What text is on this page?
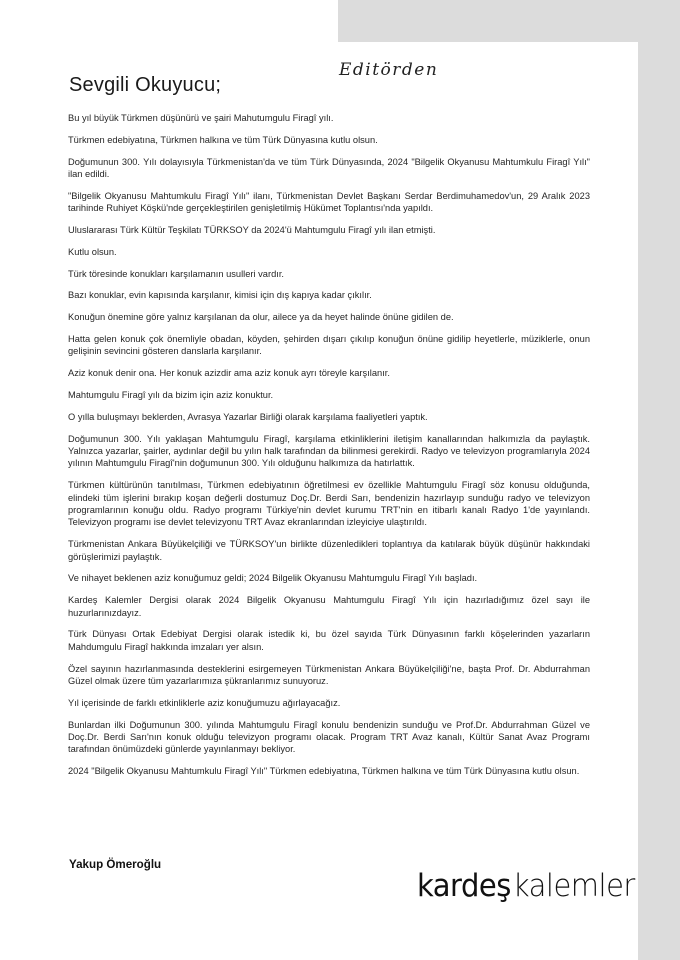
Editörden
Sevgili Okuyucu;

Bu yıl büyük Türkmen düşünürü ve şairi Mahutumgulu Firagî yılı.

Türkmen edebiyatına, Türkmen halkına ve tüm Türk Dünyasına kutlu olsun.

Doğumunun 300. Yılı dolayısıyla Türkmenistan'da ve tüm Türk Dünyasında, 2024 "Bilgelik Okyanusu Mahtumkulu Firagî Yılı" ilan edildi.

"Bilgelik Okyanusu Mahtumkulu Firagî Yılı" ilanı, Türkmenistan Devlet Başkanı Serdar Berdimuhamedov'un, 29 Aralık 2023 tarihinde Ruhiyet Köşkü'nde gerçekleştirilen genişletilmiş Hükümet Toplantısı'nda yapıldı.

Uluslararası Türk Kültür Teşkilatı TÜRKSOY da 2024'ü Mahtumgulu Firagî yılı ilan etmişti.

Kutlu olsun.

Türk töresinde konukları karşılamanın usulleri vardır.

Bazı konuklar, evin kapısında karşılanır, kimisi için dış kapıya kadar çıkılır.

Konuğun önemine göre yalnız karşılanan da olur, ailece ya da heyet halinde önüne gidilen de.

Hatta gelen konuk çok önemliyle obadan, köyden, şehirden dışarı çıkılıp konuğun önüne gidilip heyetlerle, müziklerle, onun gelişinin sevincini gösteren danslarla karşılanır.

Aziz konuk denir ona. Her konuk azizdir ama aziz konuk ayrı töreyle karşılanır.

Mahtumgulu Firagî yılı da bizim için aziz konuktur.

O yılla buluşmayı beklerden, Avrasya Yazarlar Birliği olarak karşılama faaliyetleri yaptık.

Doğumunun 300. Yılı yaklaşan Mahtumgulu Firagî, karşılama etkinliklerini iletişim kanallarından halkımızla da paylaştık. Yalnızca yazarlar, şairler, aydınlar değil bu yılın halk tarafından da bilinmesi gerekirdi. Radyo ve televizyon programlarıyla 2024 yılının Mahtumgulu Firagî'nin doğumunun 300. Yılı olduğunu halkımıza da hatırlattık.

Türkmen kültürünün tanıtılması, Türkmen edebiyatının öğretilmesi ev özellikle Mahtumgulu Firagî söz konusu olduğunda, elindeki tüm işlerini bırakıp koşan değerli dostumuz Doç.Dr. Berdi Sarı, bendenizin hazırlayıp sunduğu radyo ve televizyon programlarının konuğu oldu. Radyo programı Türkiye'nin devlet kurumu TRT'nin en itibarlı kanalı Radyo 1'de yayınlandı. Televizyon programı ise devlet televizyonu TRT Avaz ekranlarından izleyiciye ulaştırıldı.

Türkmenistan Ankara Büyükelçiliği ve TÜRKSOY'un birlikte düzenledikleri toplantıya da katılarak büyük düşünür hakkındaki görüşlerimizi paylaştık.

Ve nihayet beklenen aziz konuğumuz geldi; 2024 Bilgelik Okyanusu Mahtumgulu Firagî Yılı başladı.

Kardeş Kalemler Dergisi olarak 2024 Bilgelik Okyanusu Mahtumgulu Firagî Yılı için hazırladığımız özel sayı ile huzurlarınızdayız.

Türk Dünyası Ortak Edebiyat Dergisi olarak istedik ki, bu özel sayıda Türk Dünyasının farklı köşelerinden yazarların Mahdumgulu Firagî hakkında imzaları yer alsın.

Özel sayının hazırlanmasında desteklerini esirgemeyen Türkmenistan Ankara Büyükelçiliği'ne, başta Prof. Dr. Abdurrahman Güzel olmak üzere tüm yazarlarımıza şükranlarımız sunuyoruz.

Yıl içerisinde de farklı etkinliklerle aziz konuğumuzu ağırlayacağız.

Bunlardan ilki Doğumunun 300. yılında Mahtumgulu Firagî konulu bendenizin sunduğu ve Prof.Dr. Abdurrahman Güzel ve Doç.Dr. Berdi Sarı'nın konuk olduğu televizyon programı olacak. Program TRT Avaz kanalı, Kültür Sanat Avaz Programı tarafından önümüzdeki günlerde yayınlanmayı bekliyor.

2024 "Bilgelik Okyanusu Mahtumkulu Firagî Yılı" Türkmen edebiyatına, Türkmen halkına ve tüm Türk Dünyasına kutlu olsun.

Yakup Ömeroğlu
kardeşkalemler
